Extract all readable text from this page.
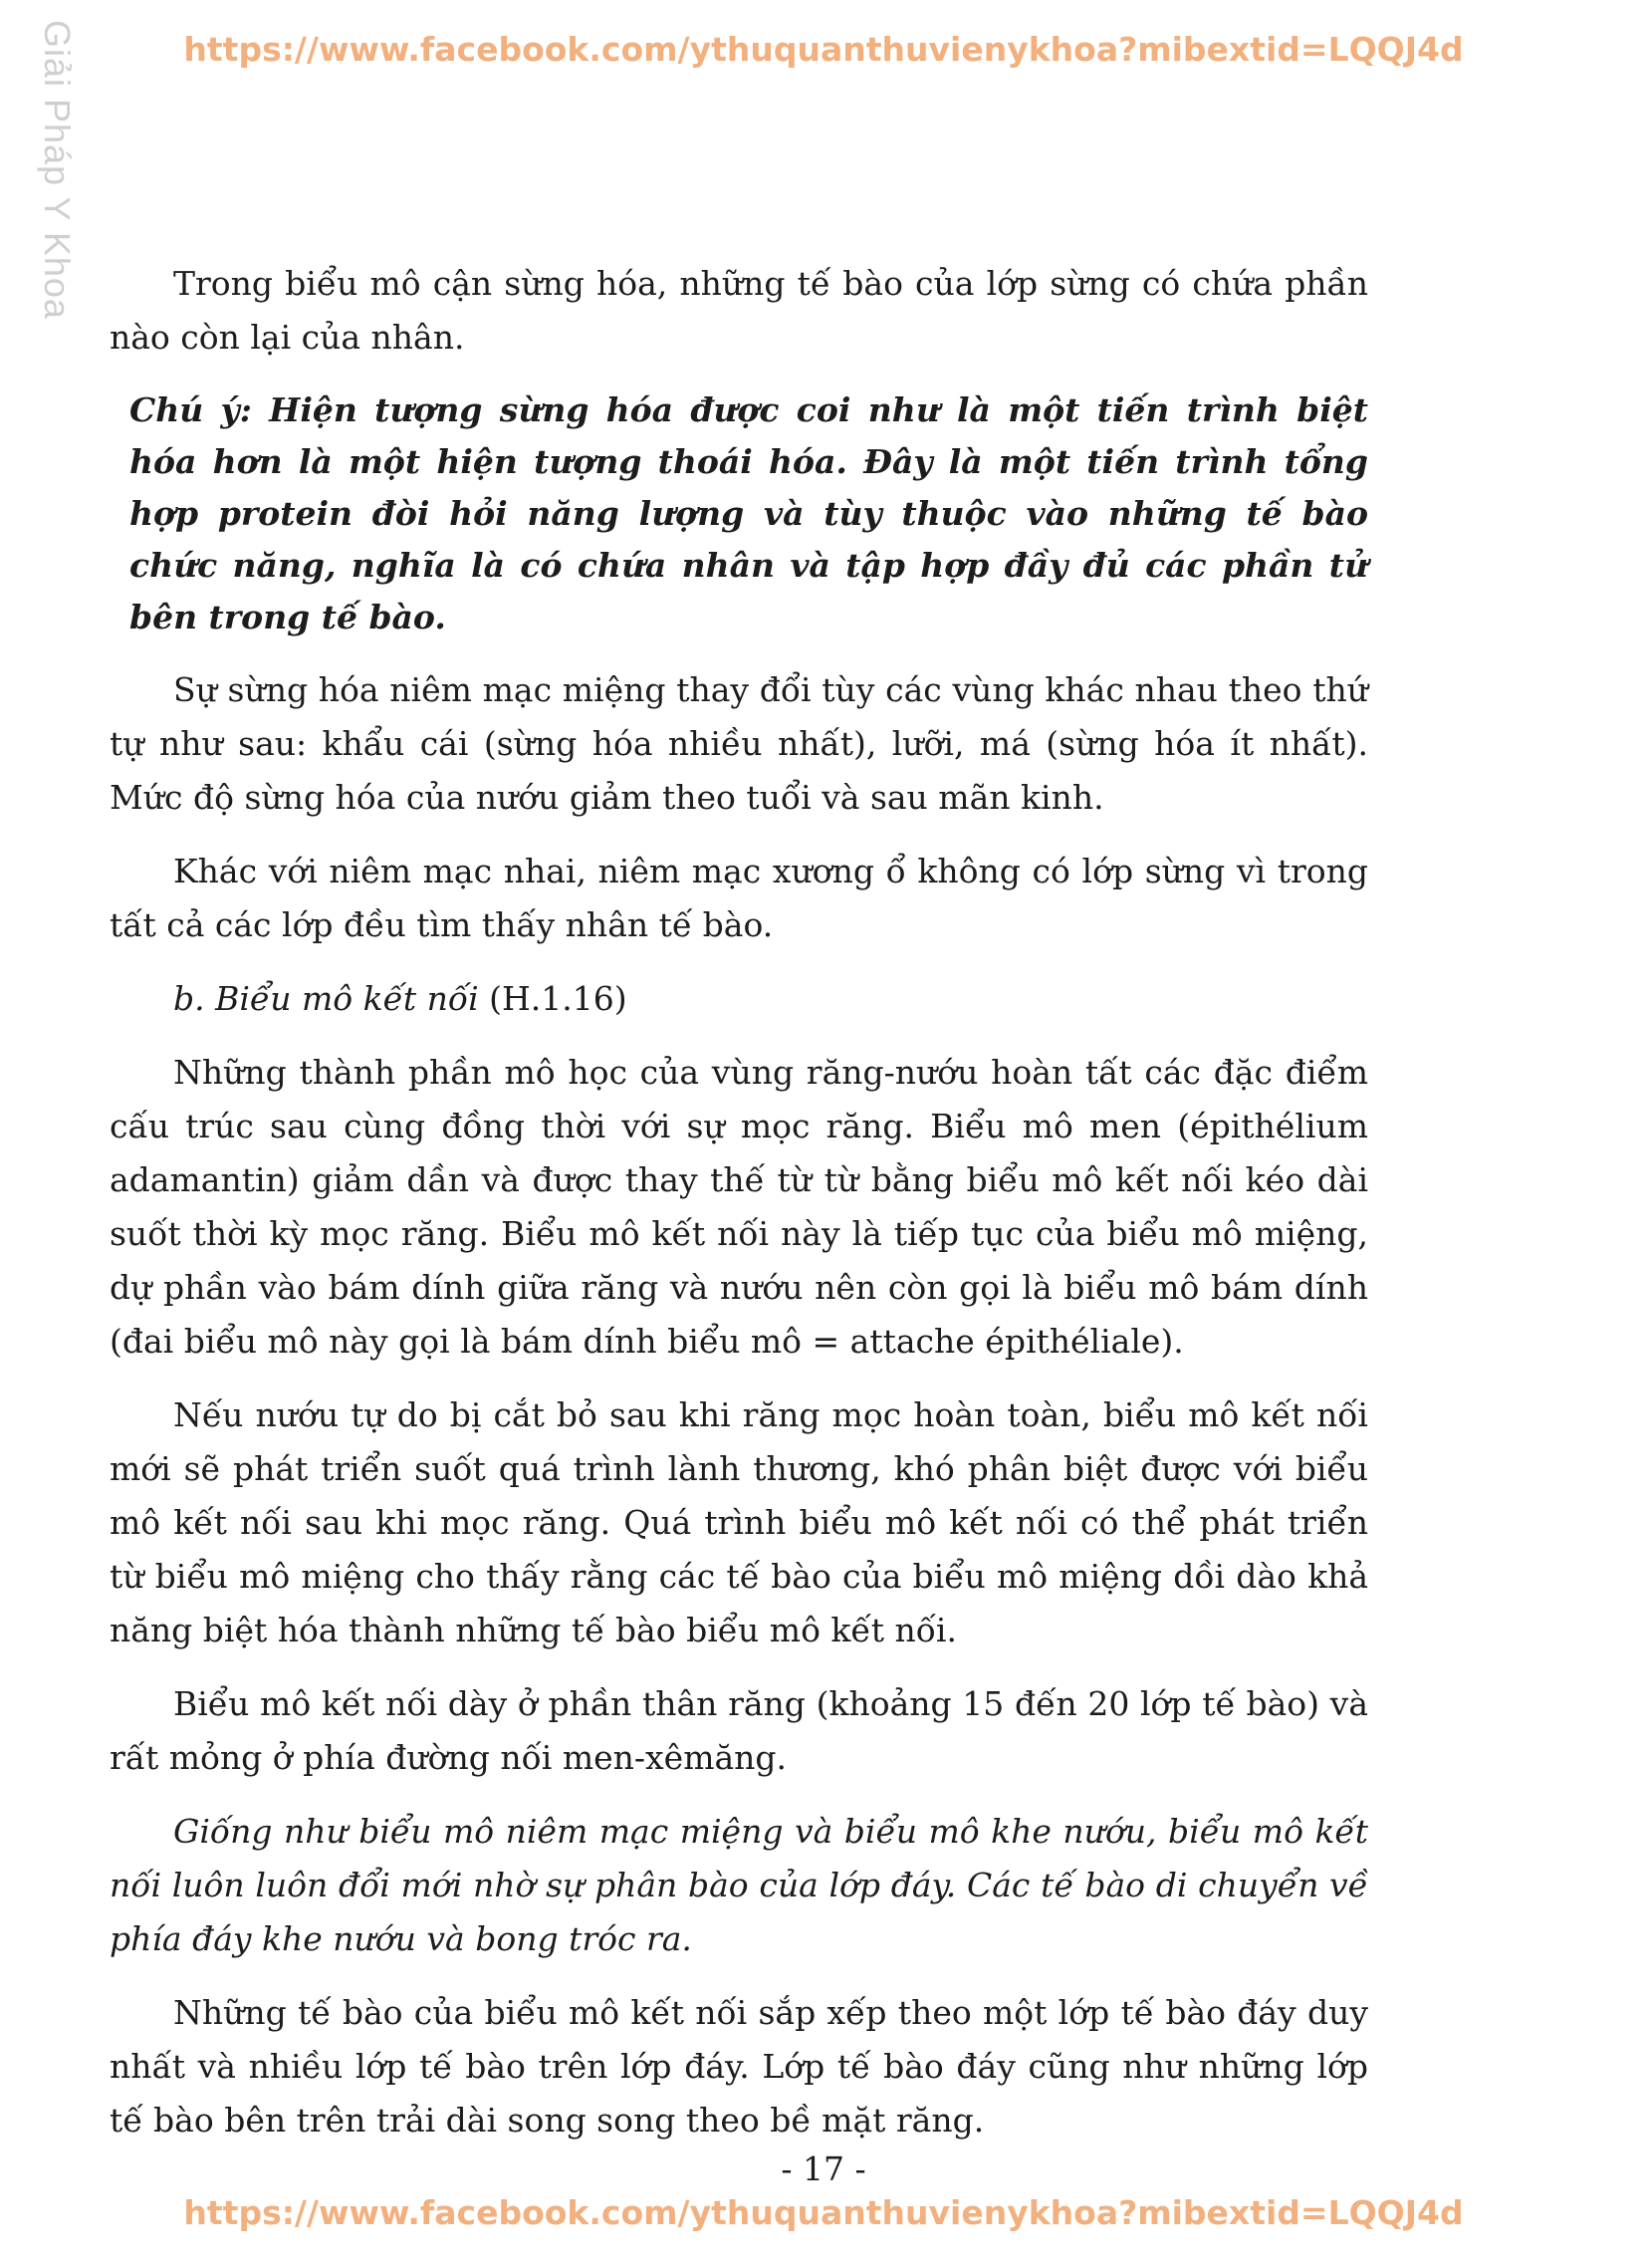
Giải Pháp Y Khoa	https://www.facebook.com/ythuquanthuvienykhoa?mibextid=LQQJ4d

Trong biểu mô cận sừng hóa, những tế bào của lớp sừng có chứa phần nào còn lại của nhân.

Chú ý: Hiện tượng sừng hóa được coi như là một tiến trình biệt hóa hơn là một hiện tượng thoái hóa. Đây là một tiến trình tổng hợp protein đòi hỏi năng lượng và tùy thuộc vào những tế bào chức năng, nghĩa là có chứa nhân và tập hợp đầy đủ các phần tử bên trong tế bào.

Sự sừng hóa niêm mạc miệng thay đổi tùy các vùng khác nhau theo thứ tự như sau: khẩu cái (sừng hóa nhiều nhất), lưỡi, má (sừng hóa ít nhất). Mức độ sừng hóa của nướu giảm theo tuổi và sau mãn kinh.

Khác với niêm mạc nhai, niêm mạc xương ổ không có lớp sừng vì trong tất cả các lớp đều tìm thấy nhân tế bào.

b. Biểu mô kết nối (H.1.16)

Những thành phần mô học của vùng răng-nướu hoàn tất các đặc điểm cấu trúc sau cùng đồng thời với sự mọc răng. Biểu mô men (épithélium adamantin) giảm dần và được thay thế từ từ bằng biểu mô kết nối kéo dài suốt thời kỳ mọc răng. Biểu mô kết nối này là tiếp tục của biểu mô miệng, dự phần vào bám dính giữa răng và nướu nên còn gọi là biểu mô bám dính (đai biểu mô này gọi là bám dính biểu mô = attache épithéliale).

Nếu nướu tự do bị cắt bỏ sau khi răng mọc hoàn toàn, biểu mô kết nối mới sẽ phát triển suốt quá trình lành thương, khó phân biệt được với biểu mô kết nối sau khi mọc răng. Quá trình biểu mô kết nối có thể phát triển từ biểu mô miệng cho thấy rằng các tế bào của biểu mô miệng dồi dào khả năng biệt hóa thành những tế bào biểu mô kết nối.

Biểu mô kết nối dày ở phần thân răng (khoảng 15 đến 20 lớp tế bào) và rất mỏng ở phía đường nối men-xêmăng.

Giống như biểu mô niêm mạc miệng và biểu mô khe nướu, biểu mô kết nối luôn luôn đổi mới nhờ sự phân bào của lớp đáy. Các tế bào di chuyển về phía đáy khe nướu và bong tróc ra.

Những tế bào của biểu mô kết nối sắp xếp theo một lớp tế bào đáy duy nhất và nhiều lớp tế bào trên lớp đáy. Lớp tế bào đáy cũng như những lớp tế bào bên trên trải dài song song theo bề mặt răng.

- 17 -
https://www.facebook.com/ythuquanthuvienykhoa?mibextid=LQQJ4d
